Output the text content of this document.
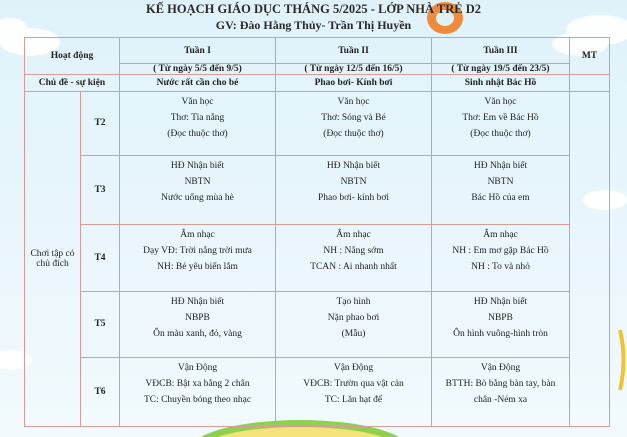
KẾ HOẠCH GIÁO DỤC THÁNG 5/2025 - LỚP NHÀ TRẺ D2
GV: Đào Hằng Thủy- Trần Thị Huyền
Hoạt động		Tuần I	Tuần II	Tuần III	MT
		( Từ ngày 5/5 đến 9/5)	( Từ ngày 12/5 đến 16/5)	( Từ ngày 19/5 đến 23/5)	
Chủ đề - sự kiện		Nước rất cần cho bé	Phao bơi- Kính bơi	Sinh nhật Bác Hồ	
Chơi tập có chủ đích	T2	Văn học
Thơ: Tia nắng
(Đọc thuộc thơ)	Văn học
Thơ: Sóng và Bé
(Đọc thuộc thơ)	Văn học
Thơ: Em về Bác Hồ
(Đọc thuộc thơ)	

	T3	HĐ Nhận biết
NBTN
Nước uống mùa hè	HĐ Nhận biết
NBTN
Phao bơi- kính bơi	HĐ Nhận biết
NBTN
Bác Hồ của em	

	T4	Âm nhạc
Dạy VĐ: Trời nắng trời mưa
NH: Bé yêu biển lắm	Âm nhạc
NH : Nắng sớm
TCAN : Ai nhanh nhất	Âm nhạc
NH : Em mơ gặp Bác Hồ
NH : To và nhỏ	

	T5	HĐ Nhận biết
NBPB
Ôn màu xanh, đỏ, vàng	Tạo hình
Nặn phao bơi
(Mẫu)	HĐ Nhận biết
NBPB
Ôn hình vuông-hình tròn	

	T6	Vận Động
VĐCB: Bật xa bằng 2 chân
TC: Chuyền bóng theo nhạc	Vận Động
VĐCB: Trườn qua vật cản
TC: Lăn hạt đế	Vận Động
BTTH: Bò bằng bàn tay, bàn
chân -Ném xa	
